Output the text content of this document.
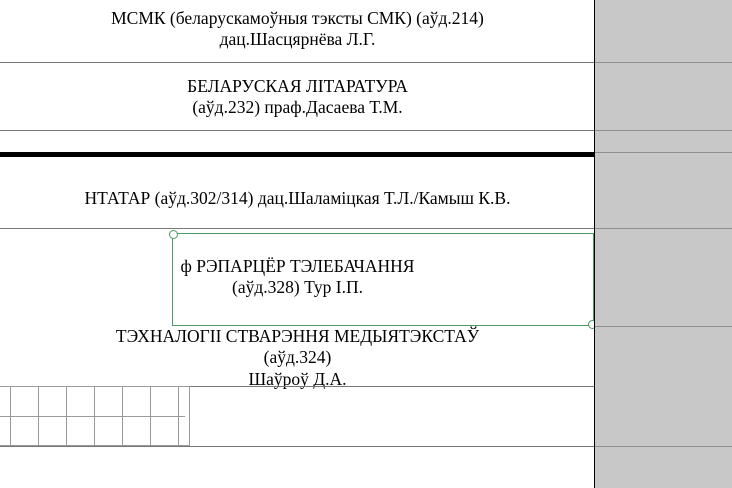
МСМК (беларускамоўныя тэксты СМК) (аўд.214)
дац.Шасцярнёва Л.Г.
БЕЛАРУСКАЯ ЛІТАРАТУРА
(аўд.232) праф.Дасаева Т.М.
НТАТАР (аўд.302/314) дац.Шаламіцкая Т.Л./Камыш К.В.
ф РЭПАРЦЁР ТЭЛЕБАЧАННЯ
(аўд.328) Тур І.П.
ТЭХНАЛОГІІ СТВАРЭННЯ МЕДЫЯТЭКСТАЎ
(аўд.324)
Шаўроў Д.А.
